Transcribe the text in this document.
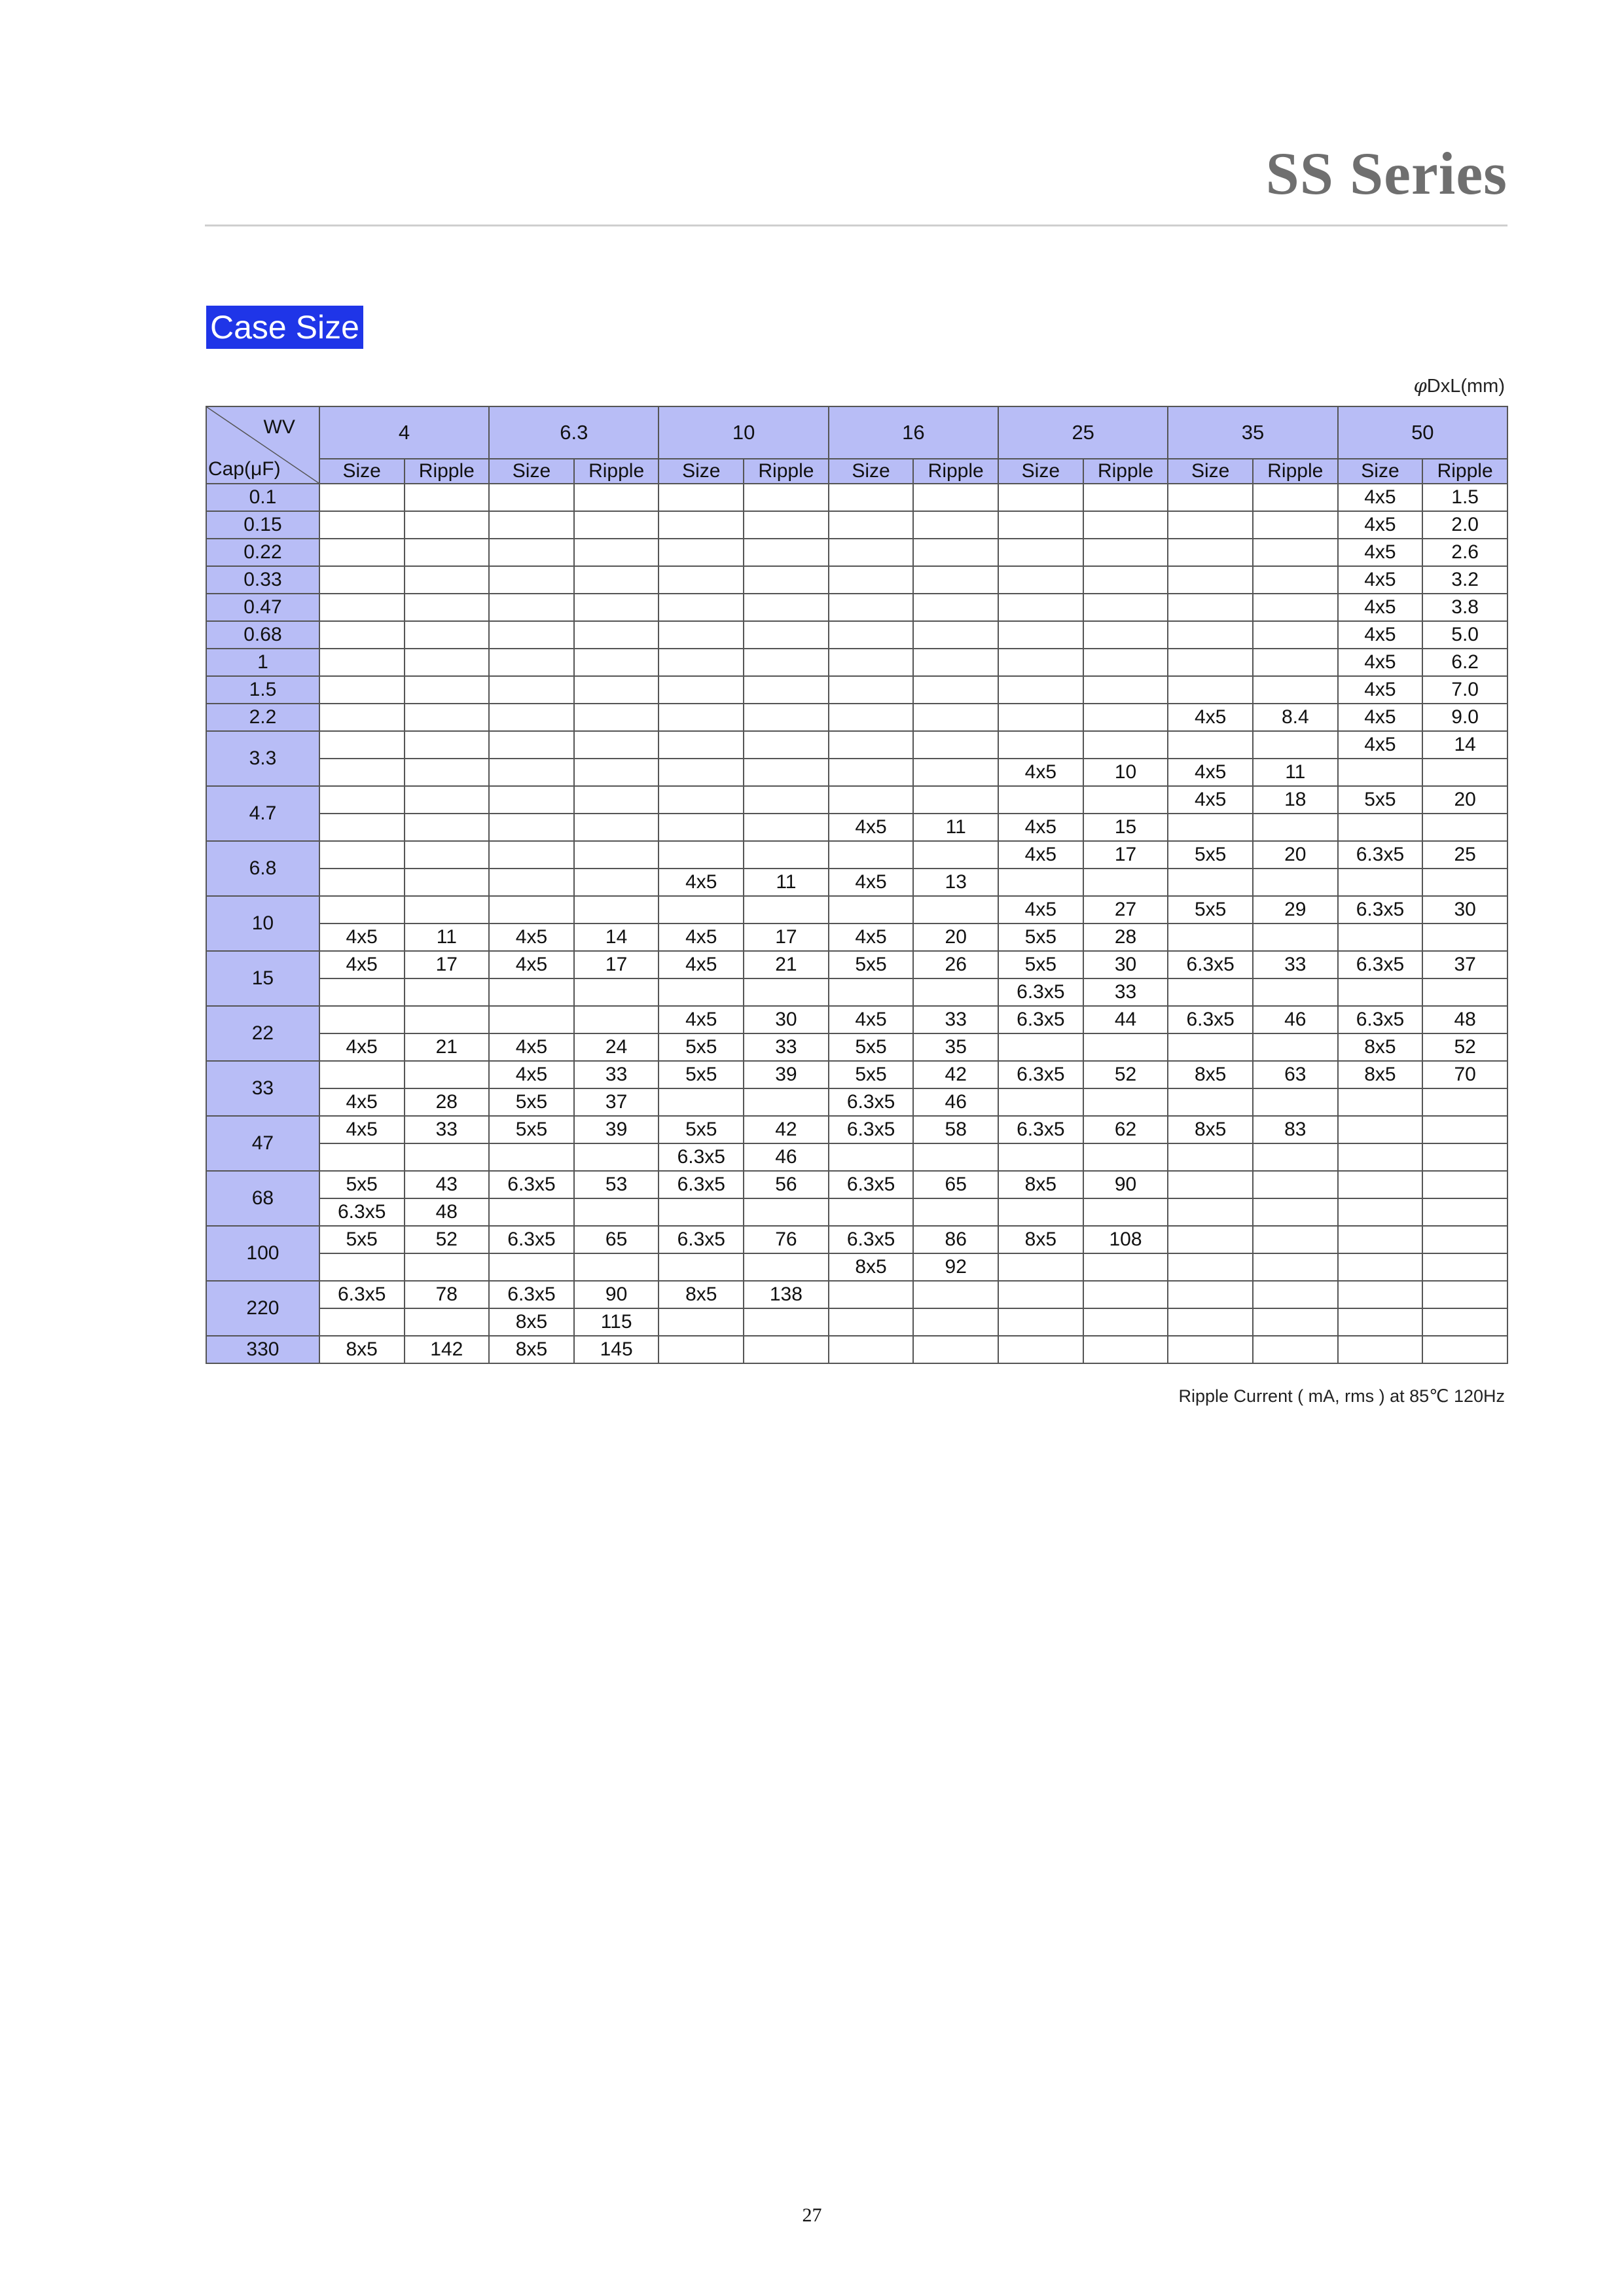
SS Series
Case Size
φDxL(mm)
WV
Cap(μF)	4		6.3		10		16		25		35		50	
	Size	Ripple	Size	Ripple	Size	Ripple	Size	Ripple	Size	Ripple	Size	Ripple	Size	Ripple
0.1													4x5	1.5
0.15													4x5	2.0
0.22													4x5	2.6
0.33													4x5	3.2
0.47													4x5	3.8
0.68													4x5	5.0
1													4x5	6.2
1.5													4x5	7.0
2.2											4x5	8.4	4x5	9.0
3.3													4x5	14
									4x5	10	4x5	11		
4.7											4x5	18	5x5	20
							4x5	11	4x5	15				
6.8									4x5	17	5x5	20	6.3x5	25
					4x5	11	4x5	13						
10									4x5	27	5x5	29	6.3x5	30
	4x5	11	4x5	14	4x5	17	4x5	20	5x5	28				
15	4x5	17	4x5	17	4x5	21	5x5	26	5x5	30	6.3x5	33	6.3x5	37
									6.3x5	33				
22					4x5	30	4x5	33	6.3x5	44	6.3x5	46	6.3x5	48
	4x5	21	4x5	24	5x5	33	5x5	35					8x5	52
33			4x5	33	5x5	39	5x5	42	6.3x5	52	8x5	63	8x5	70
	4x5	28	5x5	37			6.3x5	46						
47	4x5	33	5x5	39	5x5	42	6.3x5	58	6.3x5	62	8x5	83		
					6.3x5	46								
68	5x5	43	6.3x5	53	6.3x5	56	6.3x5	65	8x5	90				
	6.3x5	48												
100	5x5	52	6.3x5	65	6.3x5	76	6.3x5	86	8x5	108				
							8x5	92						
220	6.3x5	78	6.3x5	90	8x5	138								
			8x5	115										
330	8x5	142	8x5	145										
Ripple Current ( mA, rms ) at 85℃ 120Hz
27
